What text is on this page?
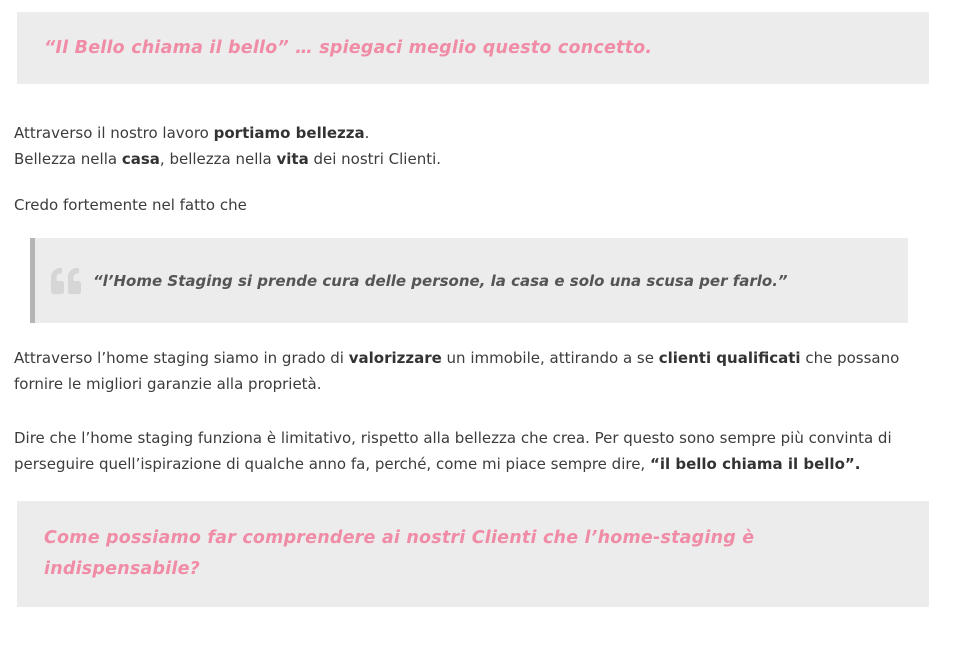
“Il Bello chiama il bello” … spiegaci meglio questo concetto.

Attraverso il nostro lavoro portiamo bellezza.
Bellezza nella casa, bellezza nella vita dei nostri Clienti.

Credo fortemente nel fatto che

“l’Home Staging si prende cura delle persone, la casa e solo una scusa per farlo.”

Attraverso l’home staging siamo in grado di valorizzare un immobile, attirando a se clienti qualificati che possano fornire le migliori garanzie alla proprietà.

Dire che l’home staging funziona è limitativo, rispetto alla bellezza che crea. Per questo sono sempre più convinta di perseguire quell’ispirazione di qualche anno fa, perché, come mi piace sempre dire, “il bello chiama il bello”.

Come possiamo far comprendere ai nostri Clienti che l’home-staging è indispensabile?
